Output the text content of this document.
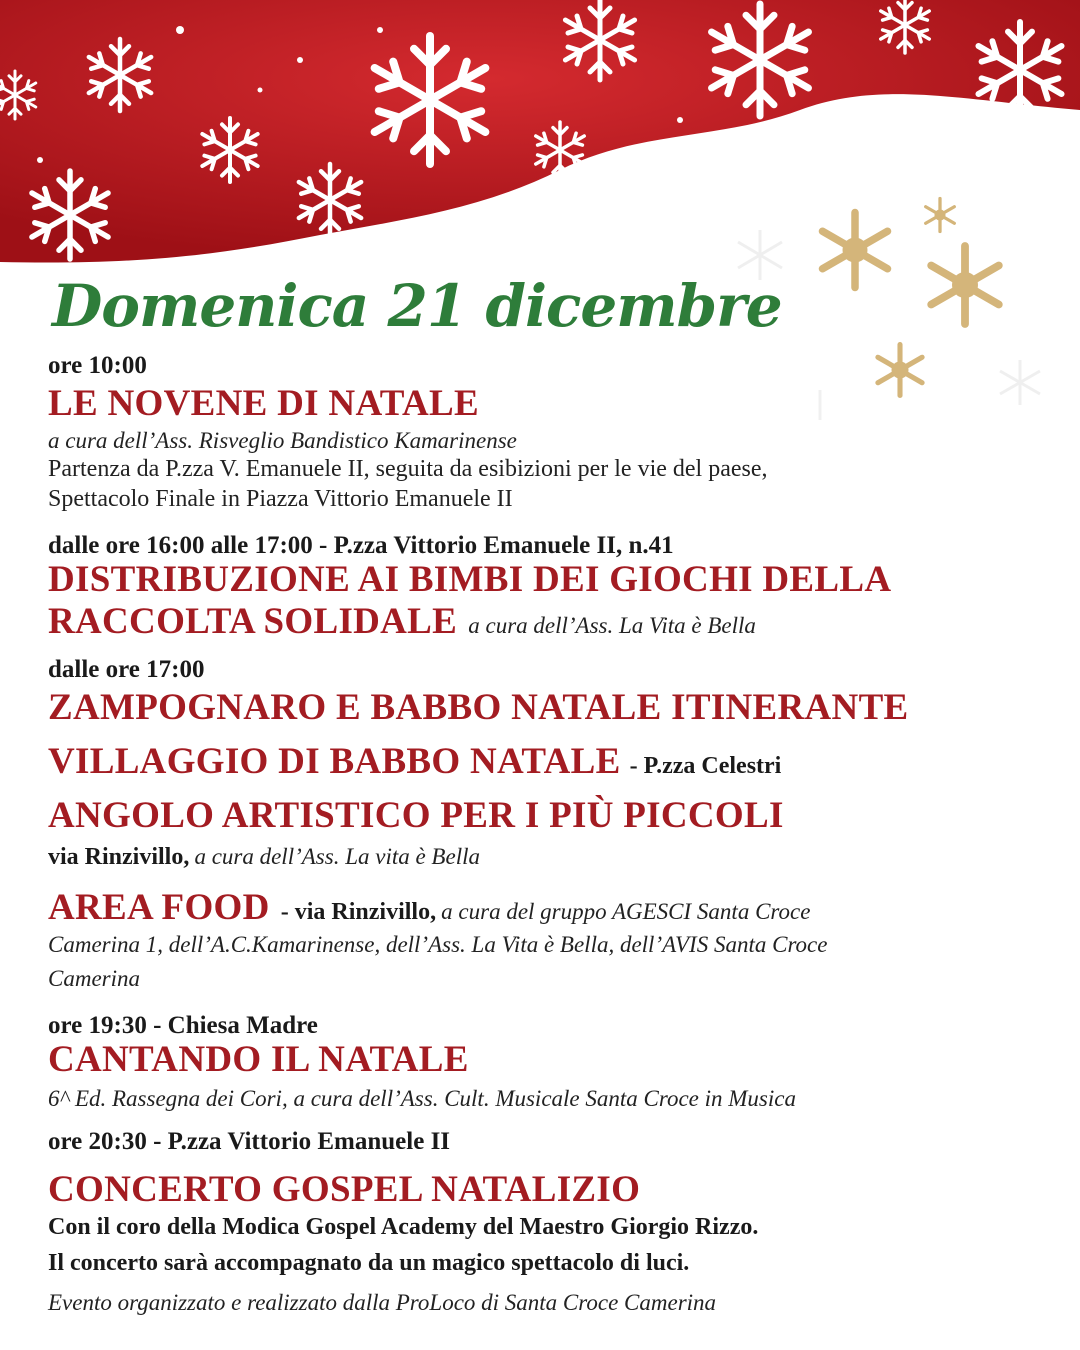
Domenica 21 dicembre
ore 10:00
LE NOVENE DI NATALE
a cura dell’Ass. Risveglio Bandistico Kamarinense
Partenza da P.zza V. Emanuele II, seguita da esibizioni per le vie del paese,
Spettacolo Finale in Piazza Vittorio Emanuele II
dalle ore 16:00 alle 17:00 - P.zza Vittorio Emanuele II, n.41
DISTRIBUZIONE AI BIMBI DEI GIOCHI DELLA
RACCOLTA SOLIDALE a cura dell’Ass. La Vita è Bella
dalle ore 17:00
ZAMPOGNARO E BABBO NATALE ITINERANTE
VILLAGGIO DI BABBO NATALE - P.zza Celestri
ANGOLO ARTISTICO PER I PIÙ PICCOLI
via Rinzivillo, a cura dell’Ass. La vita è Bella
AREA FOOD - via Rinzivillo, a cura del gruppo AGESCI Santa Croce
Camerina 1, dell’A.C.Kamarinense, dell’Ass. La Vita è Bella, dell’AVIS Santa Croce
Camerina
ore 19:30 - Chiesa Madre
CANTANDO IL NATALE
6^ Ed. Rassegna dei Cori, a cura dell’Ass. Cult. Musicale Santa Croce in Musica
ore 20:30 - P.zza Vittorio Emanuele II
CONCERTO GOSPEL NATALIZIO
Con il coro della Modica Gospel Academy del Maestro Giorgio Rizzo.
Il concerto sarà accompagnato da un magico spettacolo di luci.
Evento organizzato e realizzato dalla ProLoco di Santa Croce Camerina
